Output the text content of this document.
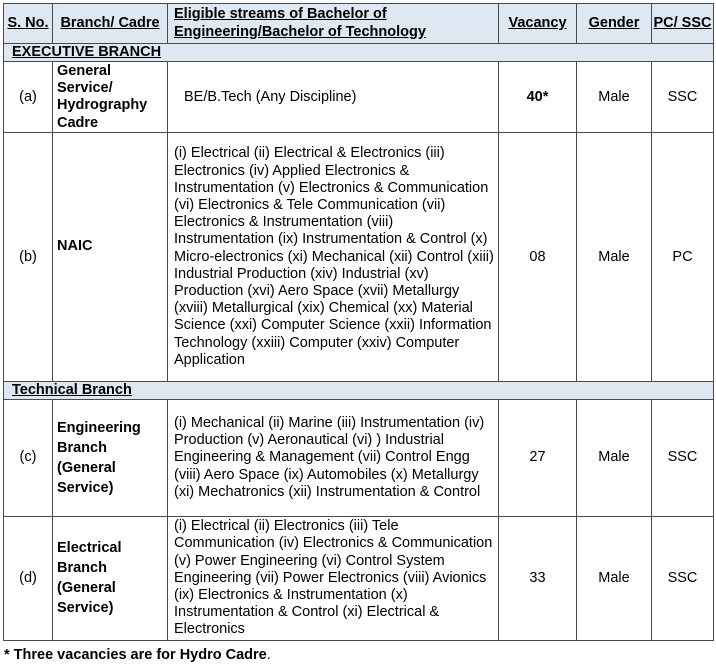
S. No.	Branch/ Cadre	Eligible streams of Bachelor of Engineering/Bachelor of Technology	Vacancy	Gender	PC/ SSC
EXECUTIVE BRANCH					
(a)	General Service/ Hydrography Cadre	BE/B.Tech (Any Discipline)	40*	Male	SSC
(b)	NAIC	(i) Electrical (ii) Electrical & Electronics (iii) Electronics (iv) Applied Electronics & Instrumentation (v) Electronics & Communication (vi) Electronics & Tele Communication (vii) Electronics & Instrumentation (viii) Instrumentation (ix) Instrumentation & Control (x) Micro-electronics (xi) Mechanical (xii) Control (xiii) Industrial Production (xiv) Industrial (xv) Production (xvi) Aero Space (xvii) Metallurgy (xviii) Metallurgical (xix) Chemical (xx) Material Science (xxi) Computer Science (xxii) Information Technology (xxiii) Computer (xxiv) Computer Application	08	Male	PC
Technical Branch					
(c)	Engineering Branch (General Service)	(i) Mechanical (ii) Marine (iii) Instrumentation (iv) Production (v) Aeronautical (vi) ) Industrial Engineering & Management (vii) Control Engg (viii) Aero Space (ix) Automobiles (x) Metallurgy (xi) Mechatronics (xii) Instrumentation & Control	27	Male	SSC
(d)	Electrical Branch (General Service)	(i) Electrical (ii) Electronics (iii) Tele Communication (iv) Electronics & Communication (v) Power Engineering (vi) Control System Engineering (vii) Power Electronics (viii) Avionics (ix) Electronics & Instrumentation (x) Instrumentation & Control (xi) Electrical & Electronics	33	Male	SSC
* Three vacancies are for Hydro Cadre.
